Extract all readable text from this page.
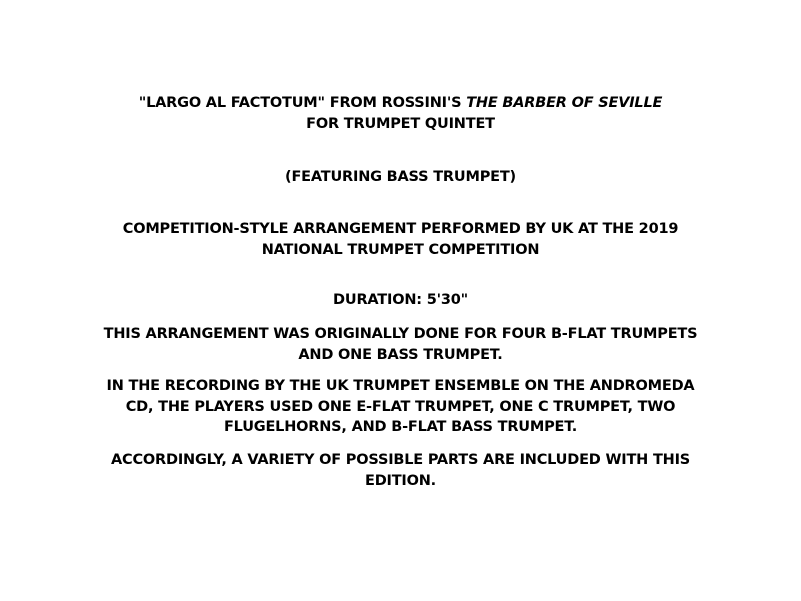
"LARGO AL FACTOTUM" FROM ROSSINI'S THE BARBER OF SEVILLE
FOR TRUMPET QUINTET
(FEATURING BASS TRUMPET)
COMPETITION-STYLE ARRANGEMENT PERFORMED BY UK AT THE 2019
NATIONAL TRUMPET COMPETITION
DURATION: 5'30"
THIS ARRANGEMENT WAS ORIGINALLY DONE FOR FOUR B-FLAT TRUMPETS
AND ONE BASS TRUMPET.
IN THE RECORDING BY THE UK TRUMPET ENSEMBLE ON THE ANDROMEDA
CD, THE PLAYERS USED ONE E-FLAT TRUMPET, ONE C TRUMPET, TWO
FLUGELHORNS, AND B-FLAT BASS TRUMPET.
ACCORDINGLY, A VARIETY OF POSSIBLE PARTS ARE INCLUDED WITH THIS
EDITION.
